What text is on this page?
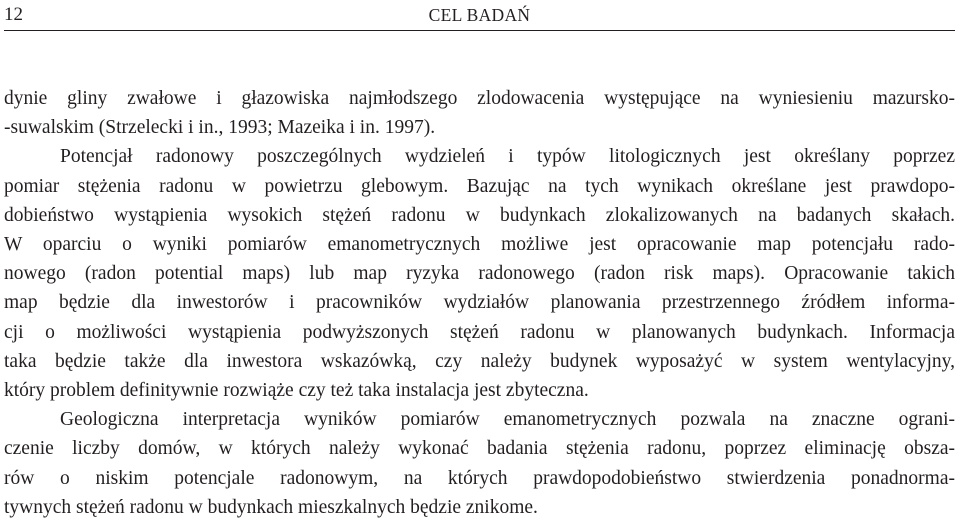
12	CEL BADAŃ
dynie gliny zwałowe i głazowiska najmłodszego zlodowacenia występujące na wyniesieniu mazursko-
-suwalskim (Strzelecki i in., 1993; Mazeika i in. 1997).
Potencjał radonowy poszczególnych wydzieleń i typów litologicznych jest określany poprzez
pomiar stężenia radonu w powietrzu glebowym. Bazując na tych wynikach określane jest prawdopo-
dobieństwo wystąpienia wysokich stężeń radonu w budynkach zlokalizowanych na badanych skałach.
W oparciu o wyniki pomiarów emanometrycznych możliwe jest opracowanie map potencjału rado-
nowego (radon potential maps) lub map ryzyka radonowego (radon risk maps). Opracowanie takich
map będzie dla inwestorów i pracowników wydziałów planowania przestrzennego źródłem informa-
cji o możliwości wystąpienia podwyższonych stężeń radonu w planowanych budynkach. Informacja
taka będzie także dla inwestora wskazówką, czy należy budynek wyposażyć w system wentylacyjny,
który problem definitywnie rozwiąże czy też taka instalacja jest zbyteczna.
Geologiczna interpretacja wyników pomiarów emanometrycznych pozwala na znaczne ograni-
czenie liczby domów, w których należy wykonać badania stężenia radonu, poprzez eliminację obsza-
rów o niskim potencjale radonowym, na których prawdopodobieństwo stwierdzenia ponadnorma-
tywnych stężeń radonu w budynkach mieszkalnych będzie znikome.
